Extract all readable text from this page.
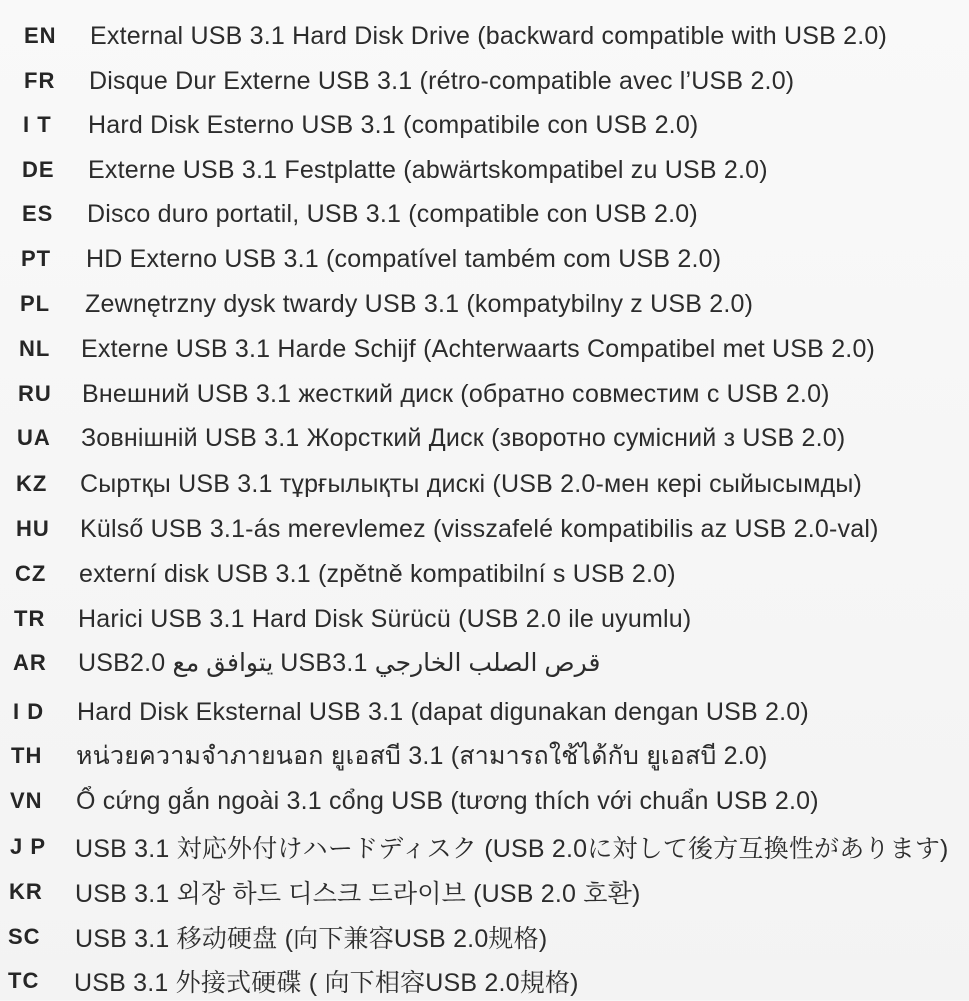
EN	External USB 3.1 Hard Disk Drive (backward compatible with USB 2.0)
FR	Disque Dur Externe USB 3.1 (rétro-compatible avec l’USB 2.0)
I T	Hard Disk Esterno USB 3.1 (compatibile con USB 2.0)
DE	Externe USB 3.1 Festplatte (abwärtskompatibel zu USB 2.0)
ES	Disco duro portatil, USB 3.1 (compatible con USB 2.0)
PT	HD Externo USB 3.1 (compatível também com USB 2.0)
PL	Zewnętrzny dysk twardy USB 3.1 (kompatybilny z USB 2.0)
NL	Externe USB 3.1 Harde Schijf (Achterwaarts Compatibel met USB 2.0)
RU	Внешний USB 3.1 жесткий диск (обратно совместим с USB 2.0)
UA	Зовнішній USB 3.1 Жорсткий Диск (зворотно сумісний з USB 2.0)
KZ	Сыртқы USB 3.1 тұрғылықты дискі (USB 2.0-мен кері сыйысымды)
HU	Külső USB 3.1-ás merevlemez (visszafelé kompatibilis az USB 2.0-val)
CZ	externí disk USB 3.1 (zpětně kompatibilní s USB 2.0)
TR	Harici USB 3.1 Hard Disk Sürücü (USB 2.0 ile uyumlu)
AR	USB2.0 يتوافق مع USB3.1 قرص الصلب الخارجي
I D	Hard Disk Eksternal USB 3.1 (dapat digunakan dengan USB 2.0)
TH	หน่วยความจำภายนอก ยูเอสบี 3.1 (สามารถใช้ได้กับ ยูเอสบี 2.0)
VN	Ổ cứng gắn ngoài 3.1 cổng USB (tương thích với chuẩn USB 2.0)
J P	USB 3.1 対応外付けハードディスク (USB 2.0に対して後方互換性があります)
KR	USB 3.1 외장 하드 디스크 드라이브 (USB 2.0 호환)
SC	USB 3.1 移动硬盘 (向下兼容USB 2.0规格)
TC	USB 3.1 外接式硬碟 ( 向下相容USB 2.0規格)
